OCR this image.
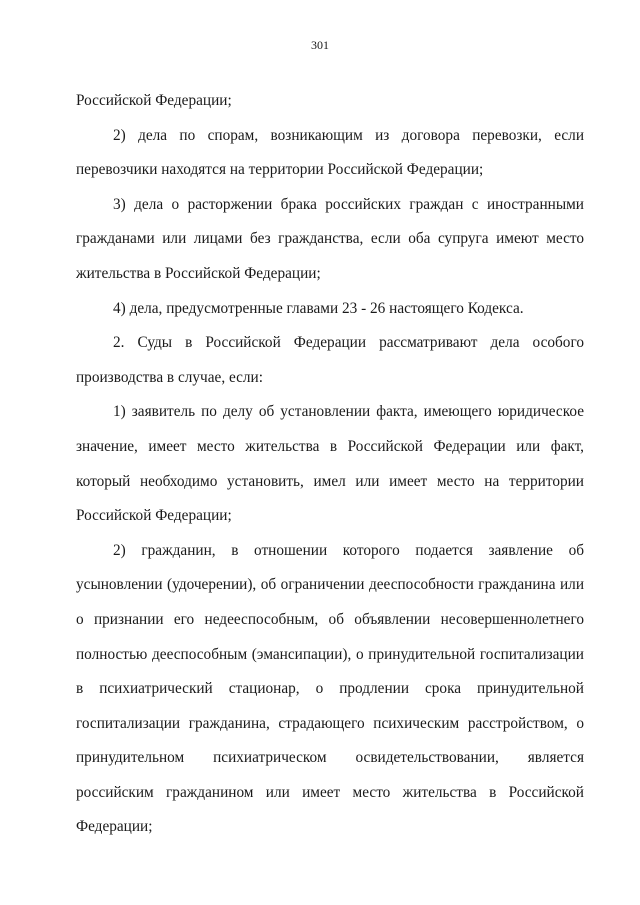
301

Российской Федерации;

2) дела по спорам, возникающим из договора перевозки, если перевозчики находятся на территории Российской Федерации;

3) дела о расторжении брака российских граждан с иностранными гражданами или лицами без гражданства, если оба супруга имеют место жительства в Российской Федерации;

4) дела, предусмотренные главами 23 - 26 настоящего Кодекса.

2. Суды в Российской Федерации рассматривают дела особого производства в случае, если:

1) заявитель по делу об установлении факта, имеющего юридическое значение, имеет место жительства в Российской Федерации или факт, который необходимо установить, имел или имеет место на территории Российской Федерации;

2) гражданин, в отношении которого подается заявление об усыновлении (удочерении), об ограничении дееспособности гражданина или о признании его недееспособным, об объявлении несовершеннолетнего полностью дееспособным (эмансипации), о принудительной госпитализации в психиатрический стационар, о продлении срока принудительной госпитализации гражданина, страдающего психическим расстройством, о принудительном психиатрическом освидетельствовании, является российским гражданином или имеет место жительства в Российской Федерации;
